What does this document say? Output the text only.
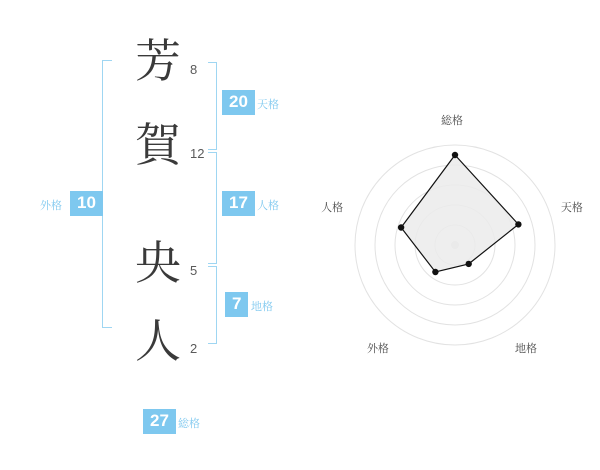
芳 8
賀 12
央 5
人 2
20 天格
17 人格
7 地格
外格 10
27 総格
総格
天格
地格
外格
人格
